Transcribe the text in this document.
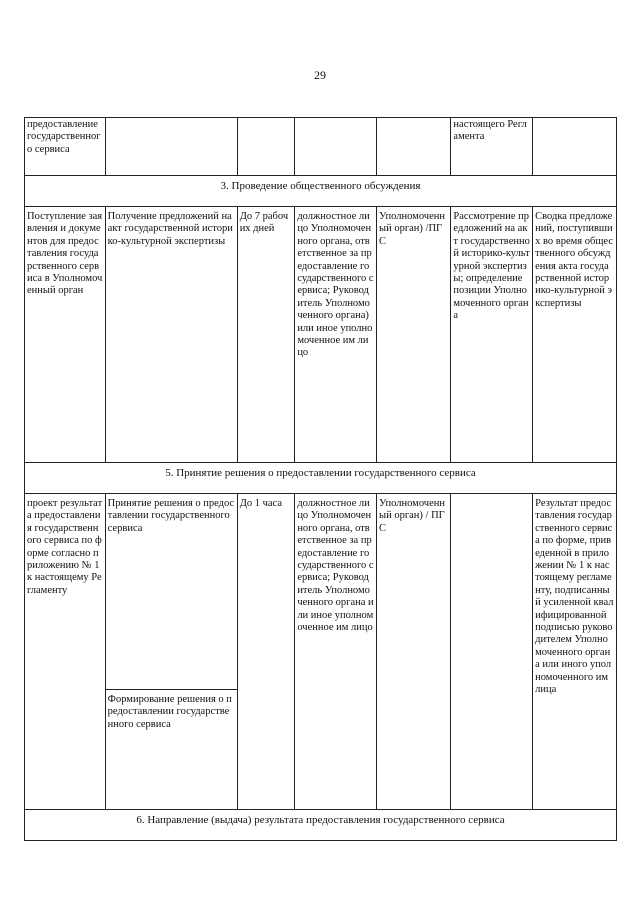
29
предоставление государственного сервиса					настоящего Регламента	
3. Проведение общественного обсуждения						
Поступление заявления и документов для предоставления государственного сервиса в Уполномоченный орган	Получение предложений на акт государственной историко-культурной экспертизы	До 7 рабочих дней	должностное лицо Уполномоченного органа, ответственное за предоставление государственного сервиса; Руководитель Уполномоченного органа) или иное уполномоченное им лицо	Уполномоченный орган) /ПГС	Рассмотрение предложений на акт государственной историко-культурной экспертизы; определение позиции Уполномоченного органа	Сводка предложений, поступивших во время общественного обсуждения акта государственной историко-культурной экспертизы
5. Принятие решения о предоставлении государственного сервиса						
проект результата предоставления государственного сервиса по форме согласно приложению № 1 к настоящему Регламенту	Принятие решения о предоставлении государственного сервиса	До 1 часа	должностное лицо Уполномоченного органа, ответственное за предоставление государственного сервиса; Руководитель Уполномоченного органа или иное уполномоченное им лицо	Уполномоченный орган) / ПГС		Результат предоставления государственного сервиса по форме, приведенной в приложении № 1 к настоящему регламенту, подписанный усиленной квалифицированной подписью руководителем Уполномоченного органа или иного уполномоченного им лица
	Формирование решения о предоставлении государственного сервиса					
6. Направление (выдача) результата предоставления государственного сервиса						
